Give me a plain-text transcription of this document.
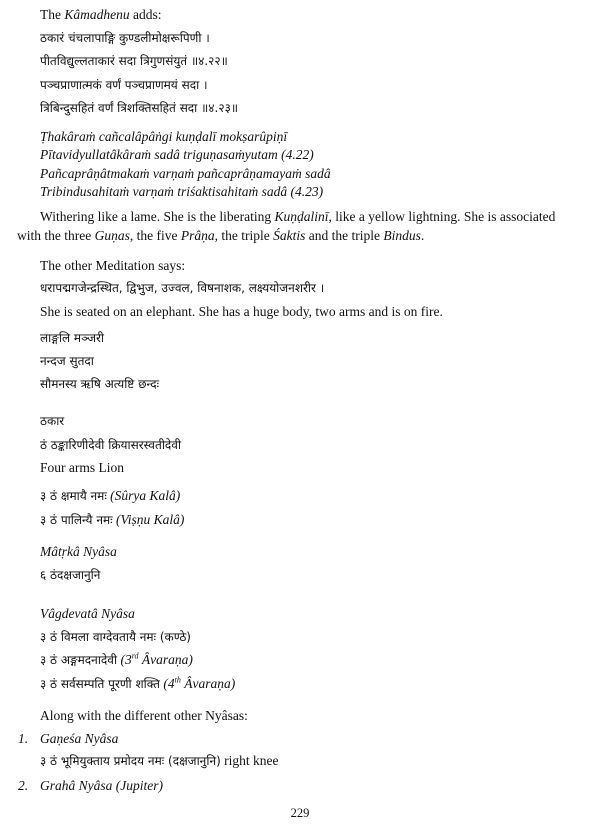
The Kâmadhenu adds:
ठकारं चंचलापाङ्गि कुण्डलीमोक्षरूपिणी ।
पीतविद्युल्लताकारं सदा त्रिगुणसंयुतं ॥४.२२॥
पञ्चप्राणात्मकं वर्णं पञ्चप्राणमयं सदा ।
त्रिबिन्दुसहितं वर्णं त्रिशक्तिसहितं सदा ॥४.२३॥
Ṭhakâraṁ cañcalâpâṅgi kuṇḍalī mokṣarûpiṇī
Pītavidyullatâkâraṁ sadâ triguṇasaṁyutam (4.22)
Pañcaprâṇâtmakaṁ varṇaṁ pañcaprâṇamayaṁ sadâ
Tribindusahitaṁ varṇaṁ triśaktisahitaṁ sadâ (4.23)
Withering like a lame. She is the liberating Kuṇḍalinī, like a yellow lightning. She is associated
with the three Guṇas, the five Prâṇa, the triple Śaktis and the triple Bindus.
The other Meditation says:
धरापद्मगजेन्द्रस्थित, द्विभुज, उज्वल, विषनाशक, लक्ष्ययोजनशरीर ।
She is seated on an elephant. She has a huge body, two arms and is on fire.
लाङ्गलि मञ्जरी
नन्दज सुतदा
सौमनस्य ऋषि अत्यष्टि छन्दः
ठकार
ठं ठङ्कारिणीदेवी क्रियासरस्वतीदेवी
Four arms Lion
३ ठं क्षमायै नमः (Sûrya Kalâ)
३ ठं पालिन्यै नमः (Viṣṇu Kalâ)
Mâtṛkâ Nyâsa
६ ठंदक्षजानुनि
Vâgdevatâ Nyâsa
३ ठं विमला वाग्देवतायै नमः (कण्ठे)
३ ठं अङ्गमदनादेवी (3rd Âvaraṇa)
३ ठं सर्वसम्पति पूरणी शक्ति (4th Âvaraṇa)
Along with the different other Nyâsas:
1. Gaṇeśa Nyâsa
३ ठं भूमियुक्ताय प्रमोदय नमः (दक्षजानुनि) right knee
2. Grahâ Nyâsa (Jupiter)
229
